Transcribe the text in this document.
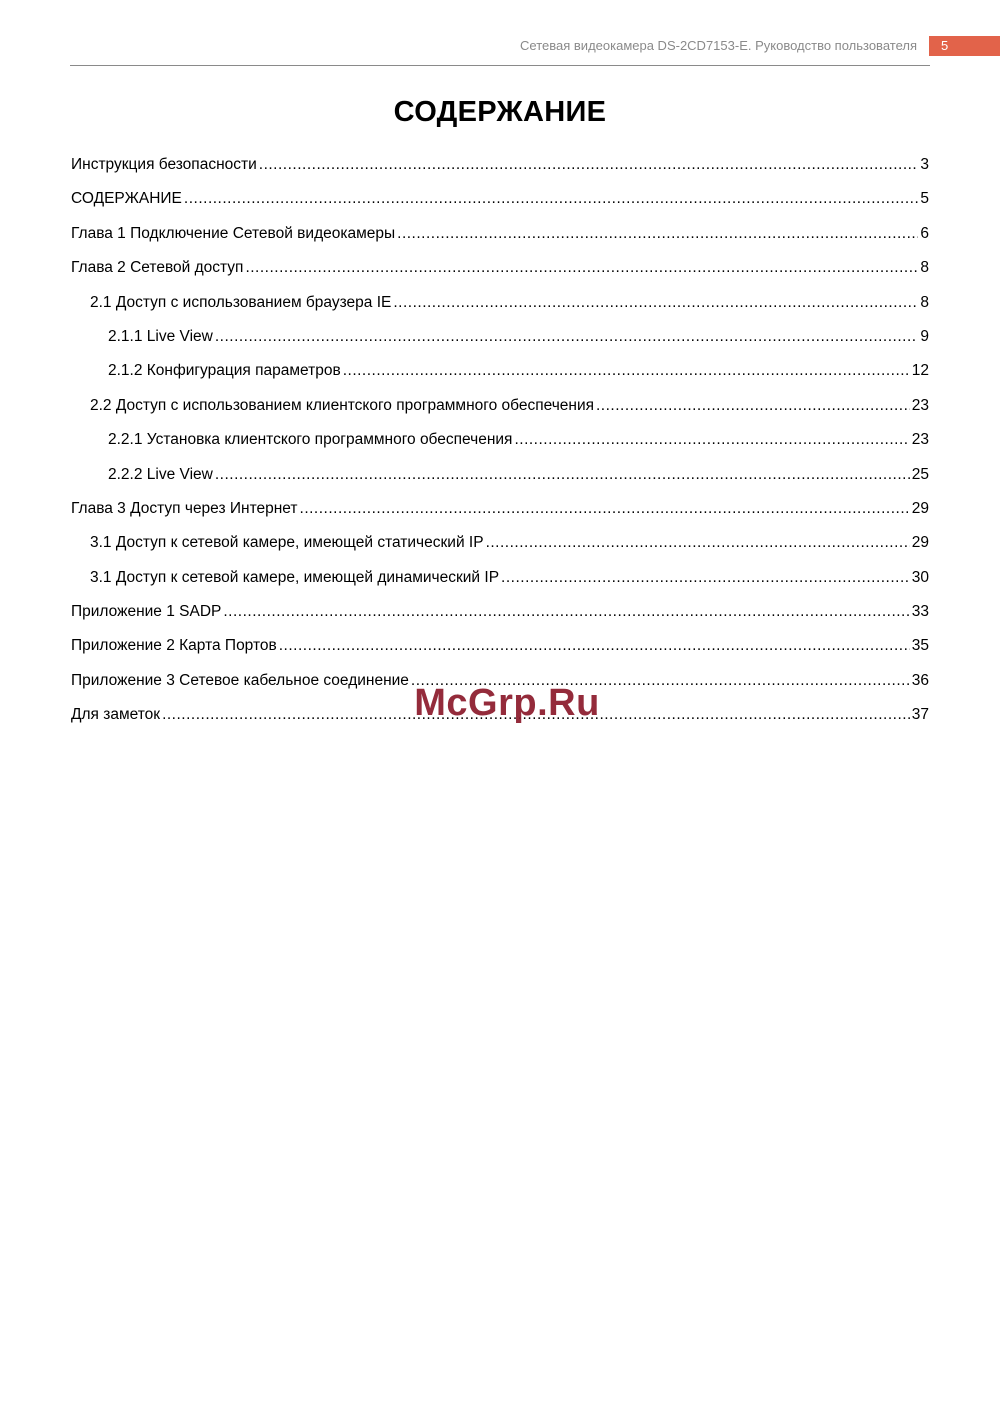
Сетевая видеокамера DS-2CD7153-E. Руководство пользователя	5
СОДЕРЖАНИЕ
Инструкция безопасности .....	3
СОДЕРЖАНИЕ .....	5
Глава 1 Подключение Сетевой видеокамеры .....	6
Глава 2 Сетевой доступ .....	8
2.1 Доступ с использованием браузера IE .....	8
2.1.1 Live View .....	9
2.1.2 Конфигурация параметров .....	12
2.2 Доступ с использованием клиентского программного обеспечения .....	23
2.2.1 Установка клиентского программного обеспечения .....	23
2.2.2 Live View .....	25
Глава 3 Доступ через Интернет .....	29
3.1 Доступ к сетевой камере, имеющей статический IP .....	29
3.1 Доступ к сетевой камере, имеющей динамический IP .....	30
Приложение 1 SADP .....	33
Приложение 2 Карта Портов .....	35
Приложение 3 Сетевое кабельное соединение .....	36
Для заметок .....	37
McGrp.Ru
